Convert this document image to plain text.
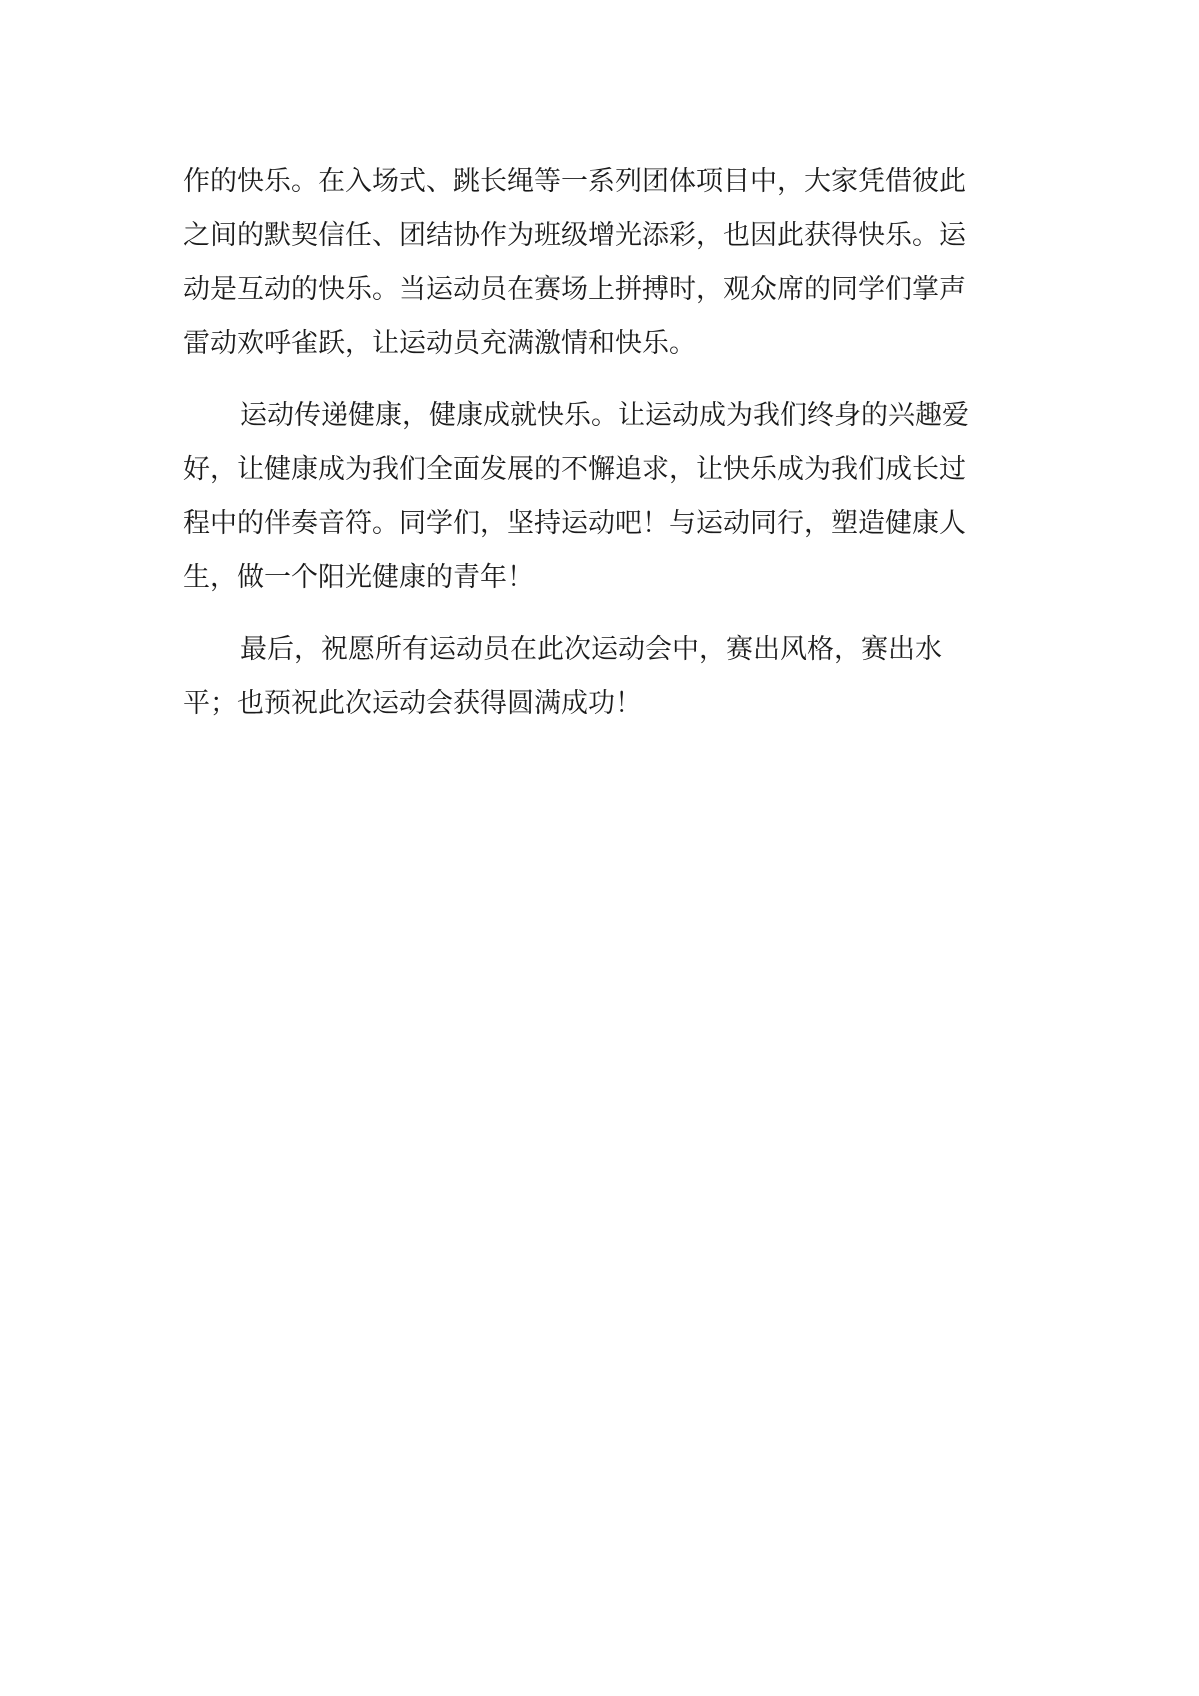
作的快乐。在入场式、跳长绳等一系列团体项目中，大家凭借彼此
之间的默契信任、团结协作为班级增光添彩，也因此获得快乐。运
动是互动的快乐。当运动员在赛场上拼搏时，观众席的同学们掌声
雷动欢呼雀跃，让运动员充满激情和快乐。
运动传递健康，健康成就快乐。让运动成为我们终身的兴趣爱
好，让健康成为我们全面发展的不懈追求，让快乐成为我们成长过
程中的伴奏音符。同学们，坚持运动吧！与运动同行，塑造健康人
生，做一个阳光健康的青年！
最后，祝愿所有运动员在此次运动会中，赛出风格，赛出水
平；也预祝此次运动会获得圆满成功！
